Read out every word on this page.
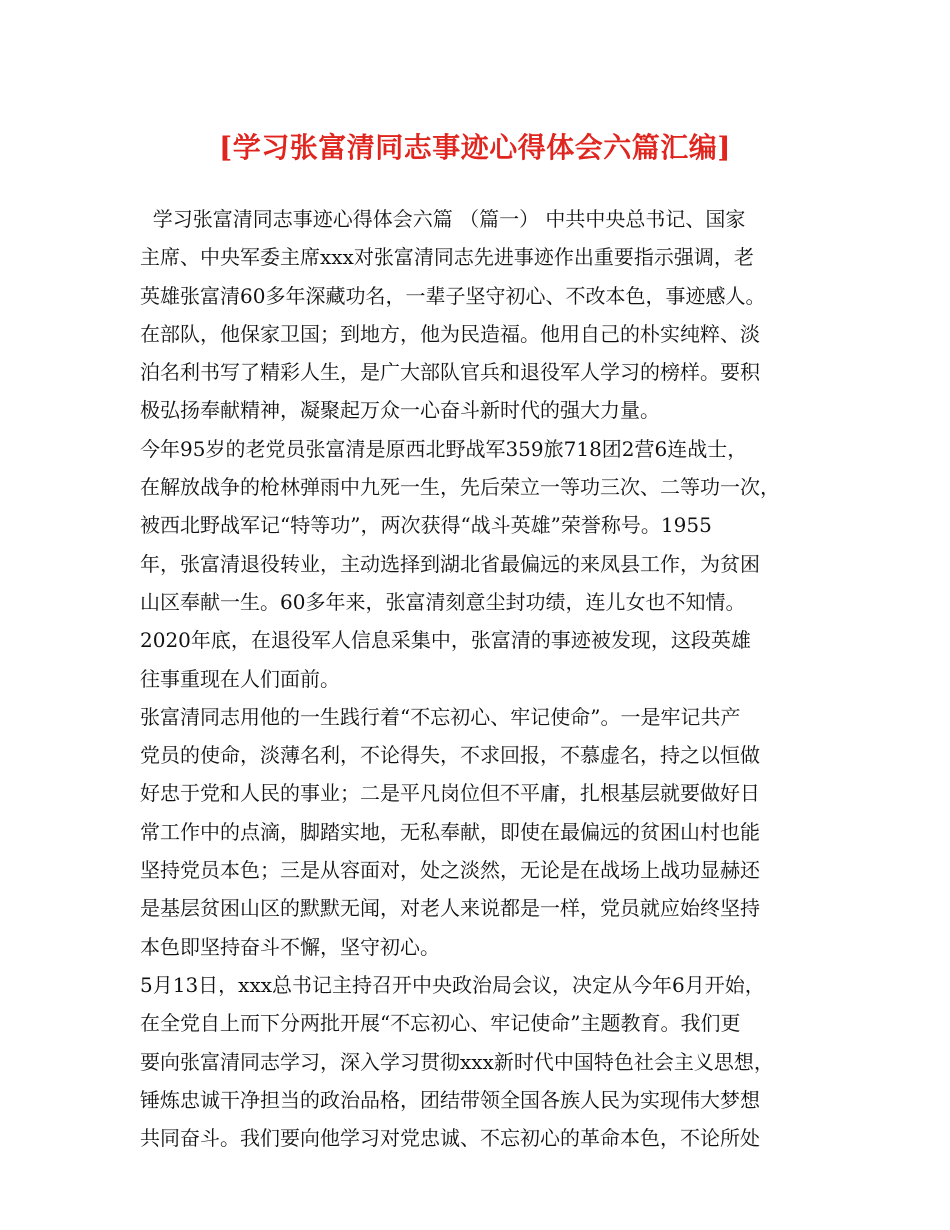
[学习张富清同志事迹心得体会六篇汇编]
学习张富清同志事迹心得体会六篇 （篇一） 中共中央总书记、国家
主席、中央军委主席xxx对张富清同志先进事迹作出重要指示强调，老
英雄张富清60多年深藏功名，一辈子坚守初心、不改本色，事迹感人。
在部队，他保家卫国；到地方，他为民造福。他用自己的朴实纯粹、淡
泊名利书写了精彩人生，是广大部队官兵和退役军人学习的榜样。要积
极弘扬奉献精神，凝聚起万众一心奋斗新时代的强大力量。
今年95岁的老党员张富清是原西北野战军359旅718团2营6连战士，
在解放战争的枪林弹雨中九死一生，先后荣立一等功三次、二等功一次，
被西北野战军记“特等功”，两次获得“战斗英雄”荣誉称号。1955
年，张富清退役转业，主动选择到湖北省最偏远的来凤县工作，为贫困
山区奉献一生。60多年来，张富清刻意尘封功绩，连儿女也不知情。
2020年底，在退役军人信息采集中，张富清的事迹被发现，这段英雄
往事重现在人们面前。
张富清同志用他的一生践行着“不忘初心、牢记使命”。一是牢记共产
党员的使命，淡薄名利，不论得失，不求回报，不慕虚名，持之以恒做
好忠于党和人民的事业；二是平凡岗位但不平庸，扎根基层就要做好日
常工作中的点滴，脚踏实地，无私奉献，即使在最偏远的贫困山村也能
坚持党员本色；三是从容面对，处之淡然，无论是在战场上战功显赫还
是基层贫困山区的默默无闻，对老人来说都是一样，党员就应始终坚持
本色即坚持奋斗不懈，坚守初心。
5月13日，xxx总书记主持召开中央政治局会议，决定从今年6月开始，
在全党自上而下分两批开展“不忘初心、牢记使命”主题教育。我们更
要向张富清同志学习，深入学习贯彻xxx新时代中国特色社会主义思想，
锤炼忠诚干净担当的政治品格，团结带领全国各族人民为实现伟大梦想
共同奋斗。我们要向他学习对党忠诚、不忘初心的革命本色，不论所处
